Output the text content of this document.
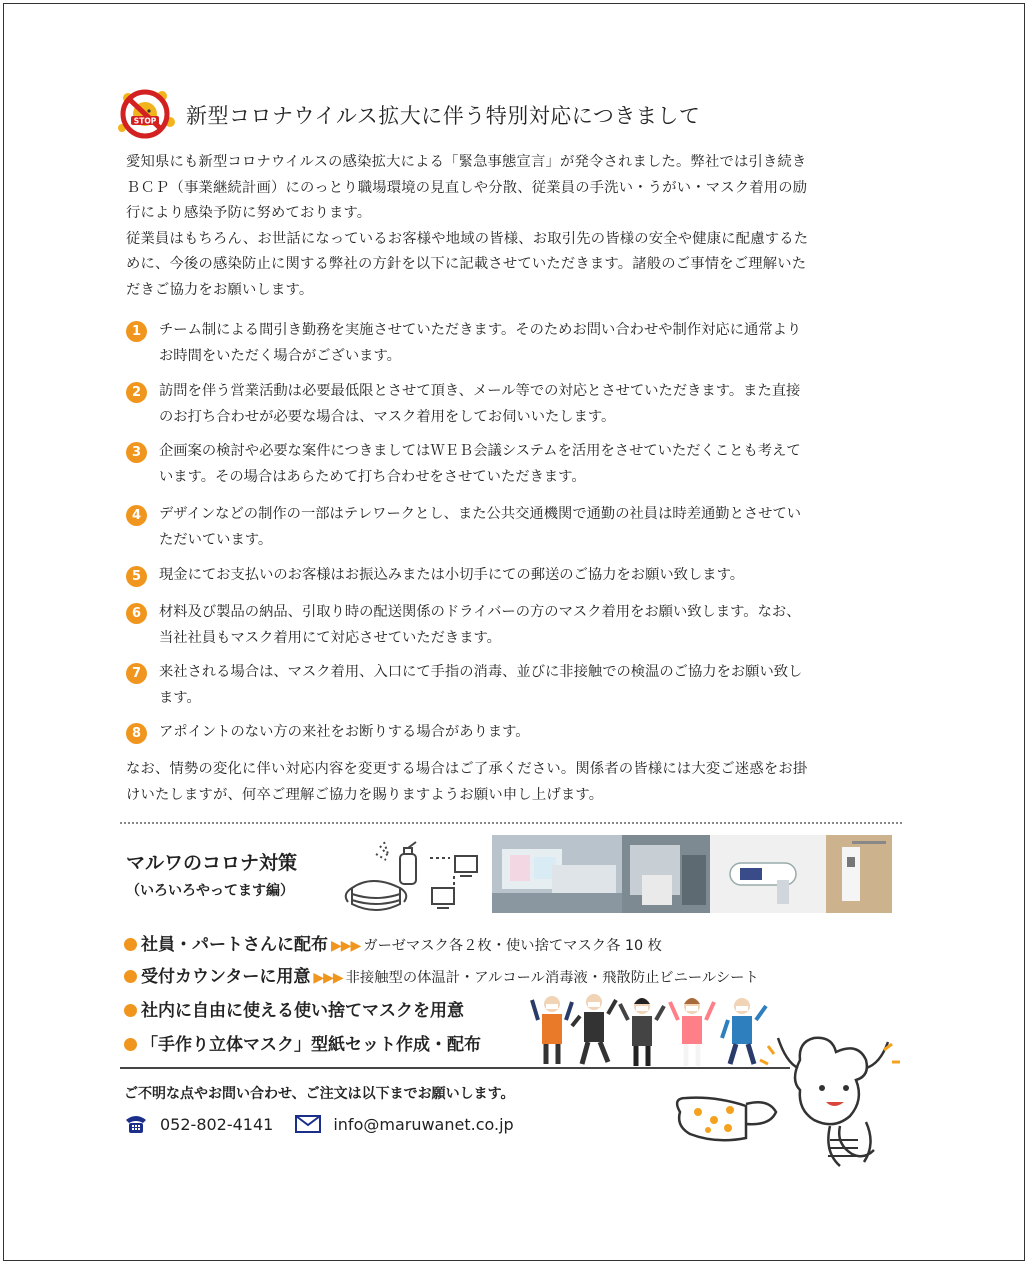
STOP 新型コロナウイルス拡大に伴う特別対応につきまして
愛知県にも新型コロナウイルスの感染拡大による「緊急事態宣言」が発令されました。弊社では引き続き
ＢＣＰ（事業継続計画）にのっとり職場環境の見直しや分散、従業員の手洗い・うがい・マスク着用の励
行により感染予防に努めております。
従業員はもちろん、お世話になっているお客様や地域の皆様、お取引先の皆様の安全や健康に配慮するた
めに、今後の感染防止に関する弊社の方針を以下に記載させていただきます。諸般のご事情をご理解いた
だきご協力をお願いします。
1	チーム制による間引き勤務を実施させていただきます。そのためお問い合わせや制作対応に通常より
お時間をいただく場合がございます。
2	訪問を伴う営業活動は必要最低限とさせて頂き、メール等での対応とさせていただきます。また直接
のお打ち合わせが必要な場合は、マスク着用をしてお伺いいたします。
3	企画案の検討や必要な案件につきましてはＷＥＢ会議システムを活用をさせていただくことも考えて
います。その場合はあらためて打ち合わせをさせていただきます。
4	デザインなどの制作の一部はテレワークとし、また公共交通機関で通勤の社員は時差通勤とさせてい
ただいています。
5	現金にてお支払いのお客様はお振込みまたは小切手にての郵送のご協力をお願い致します。
6	材料及び製品の納品、引取り時の配送関係のドライバーの方のマスク着用をお願い致します。なお、
当社社員もマスク着用にて対応させていただきます。
7	来社される場合は、マスク着用、入口にて手指の消毒、並びに非接触での検温のご協力をお願い致し
ます。
8	アポイントのない方の来社をお断りする場合があります。
なお、情勢の変化に伴い対応内容を変更する場合はご了承ください。関係者の皆様には大変ご迷惑をお掛
けいたしますが、何卒ご理解ご協力を賜りますようお願い申し上げます。
マルワのコロナ対策
（いろいろやってます編）
社員・パートさんに配布 ▶▶▶ ガーゼマスク各２枚・使い捨てマスク各 10 枚
受付カウンターに用意 ▶▶▶ 非接触型の体温計・アルコール消毒液・飛散防止ビニールシート
社内に自由に使える使い捨てマスクを用意
「手作り立体マスク」型紙セット作成・配布
ご不明な点やお問い合わせ、ご注文は以下までお願いします。
052-802-4141	info@maruwanet.co.jp
